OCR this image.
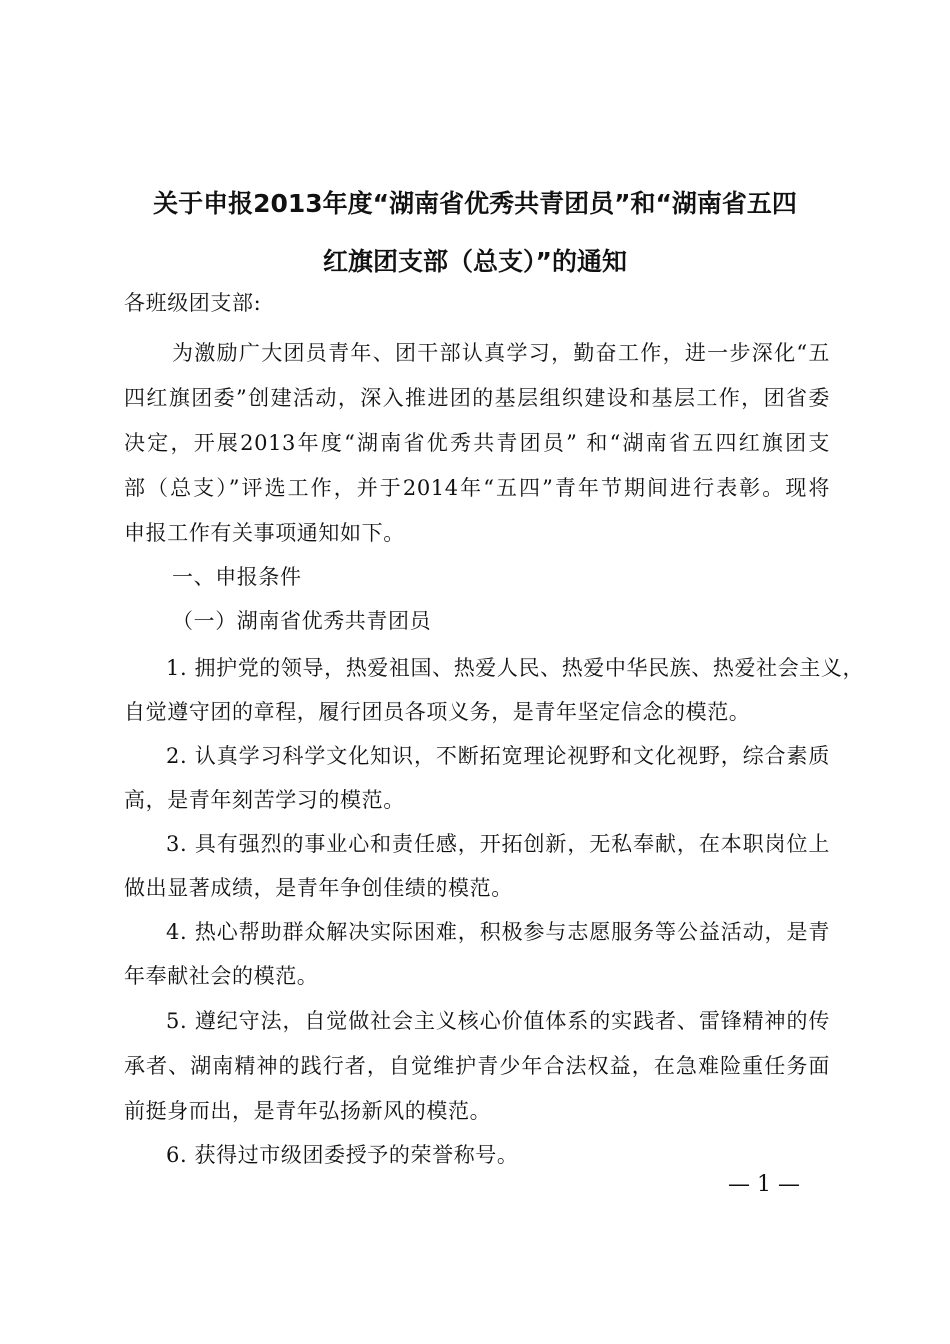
关于申报2013年度“湖南省优秀共青团员”和“湖南省五四
红旗团支部（总支）”的通知
各班级团支部:
为激励广大团员青年、团干部认真学习，勤奋工作，进一步深化“五
四红旗团委”创建活动，深入推进团的基层组织建设和基层工作，团省委
决定，开展2013年度“湖南省优秀共青团员” 和“湖南省五四红旗团支
部（总支）”评选工作，并于2014年“五四”青年节期间进行表彰。现将
申报工作有关事项通知如下。
一、申报条件
（一）湖南省优秀共青团员
1. 拥护党的领导，热爱祖国、热爱人民、热爱中华民族、热爱社会主义，
自觉遵守团的章程，履行团员各项义务，是青年坚定信念的模范。
2. 认真学习科学文化知识，不断拓宽理论视野和文化视野，综合素质
高，是青年刻苦学习的模范。
3. 具有强烈的事业心和责任感，开拓创新，无私奉献，在本职岗位上
做出显著成绩，是青年争创佳绩的模范。
4. 热心帮助群众解决实际困难，积极参与志愿服务等公益活动，是青
年奉献社会的模范。
5. 遵纪守法，自觉做社会主义核心价值体系的实践者、雷锋精神的传
承者、湖南精神的践行者，自觉维护青少年合法权益，在急难险重任务面
前挺身而出，是青年弘扬新风的模范。
6. 获得过市级团委授予的荣誉称号。
— 1 —
